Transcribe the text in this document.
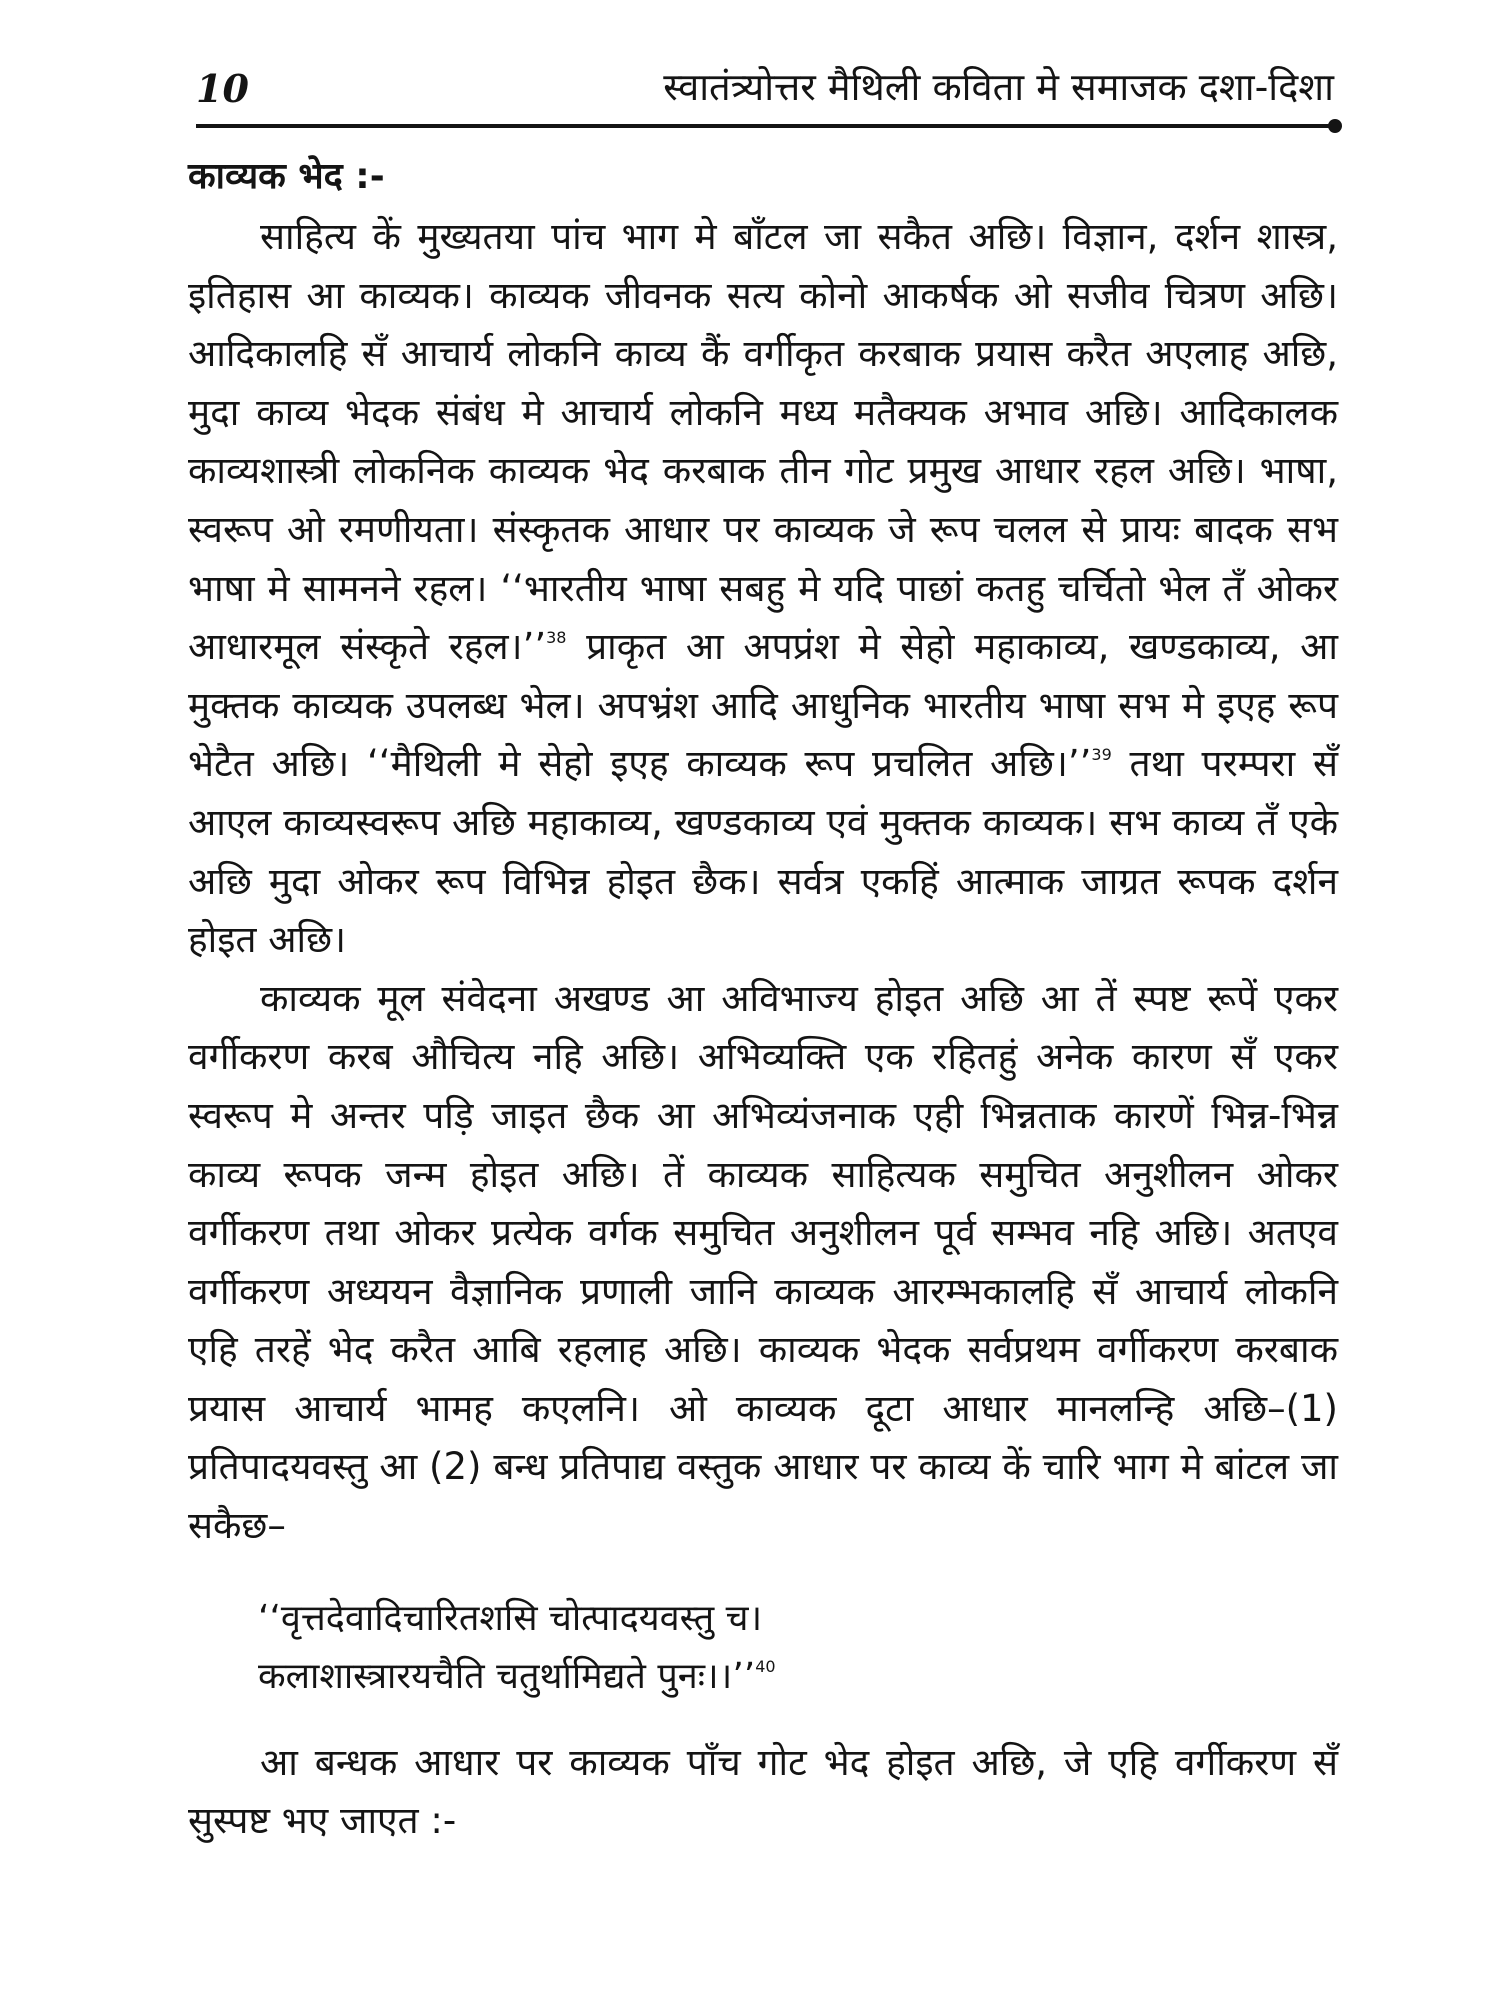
10	स्वातंत्र्योत्तर मैथिली कविता मे समाजक दशा-दिशा
काव्यक भेद :-

साहित्य कें मुख्यतया पांच भाग मे बाँटल जा सकैत अछि। विज्ञान, दर्शन शास्त्र, इतिहास आ काव्यक। काव्यक जीवनक सत्य कोनो आकर्षक ओ सजीव चित्रण अछि। आदिकालहि सँ आचार्य लोकनि काव्य कैं वर्गीकृत करबाक प्रयास करैत अएलाह अछि, मुदा काव्य भेदक संबंध मे आचार्य लोकनि मध्य मतैक्यक अभाव अछि। आदिकालक काव्यशास्त्री लोकनिक काव्यक भेद करबाक तीन गोट प्रमुख आधार रहल अछि। भाषा, स्वरूप ओ रमणीयता। संस्कृतक आधार पर काव्यक जे रूप चलल से प्रायः बादक सभ भाषा मे सामनने रहल। ‘‘भारतीय भाषा सबहु मे यदि पाछां कतहु चर्चितो भेल तँ ओकर आधारमूल संस्कृते रहल।’’$^{38}$ प्राकृत आ अपप्रंश मे सेहो महाकाव्य, खण्डकाव्य, आ मुक्तक काव्यक उपलब्ध भेल। अपभ्रंश आदि आधुनिक भारतीय भाषा सभ मे इएह रूप भेटैत अछि। ‘‘मैथिली मे सेहो इएह काव्यक रूप प्रचलित अछि।’’$^{39}$ तथा परम्परा सँ आएल काव्यस्वरूप अछि महाकाव्य, खण्डकाव्य एवं मुक्तक काव्यक। सभ काव्य तँ एके अछि मुदा ओकर रूप विभिन्न होइत छैक। सर्वत्र एकहिं आत्माक जाग्रत रूपक दर्शन होइत अछि।

काव्यक मूल संवेदना अखण्ड आ अविभाज्य होइत अछि आ तें स्पष्ट रूपें एकर वर्गीकरण करब औचित्य नहि अछि। अभिव्यक्ति एक रहितहुं अनेक कारण सँ एकर स्वरूप मे अन्तर पड़ि जाइत छैक आ अभिव्यंजनाक एही भिन्नताक कारणें भिन्न-भिन्न काव्य रूपक जन्म होइत अछि। तें काव्यक साहित्यक समुचित अनुशीलन ओकर वर्गीकरण तथा ओकर प्रत्येक वर्गक समुचित अनुशीलन पूर्व सम्भव नहि अछि। अतएव वर्गीकरण अध्ययन वैज्ञानिक प्रणाली जानि काव्यक आरम्भकालहि सँ आचार्य लोकनि एहि तरहें भेद करैत आबि रहलाह अछि। काव्यक भेदक सर्वप्रथम वर्गीकरण करबाक प्रयास आचार्य भामह कएलनि। ओ काव्यक दूटा आधार मानलन्हि अछि–(1) प्रतिपादयवस्तु आ (2) बन्ध प्रतिपाद्य वस्तुक आधार पर काव्य कें चारि भाग मे बांटल जा सकैछ–

‘‘वृत्तदेवादिचारितशसि चोत्पादयवस्तु च।
कलाशास्त्रारयचैति चतुर्थामिद्यते पुनः।।’’$^{40}$

आ बन्धक आधार पर काव्यक पाँच गोट भेद होइत अछि, जे एहि वर्गीकरण सँ सुस्पष्ट भए जाएत :-
